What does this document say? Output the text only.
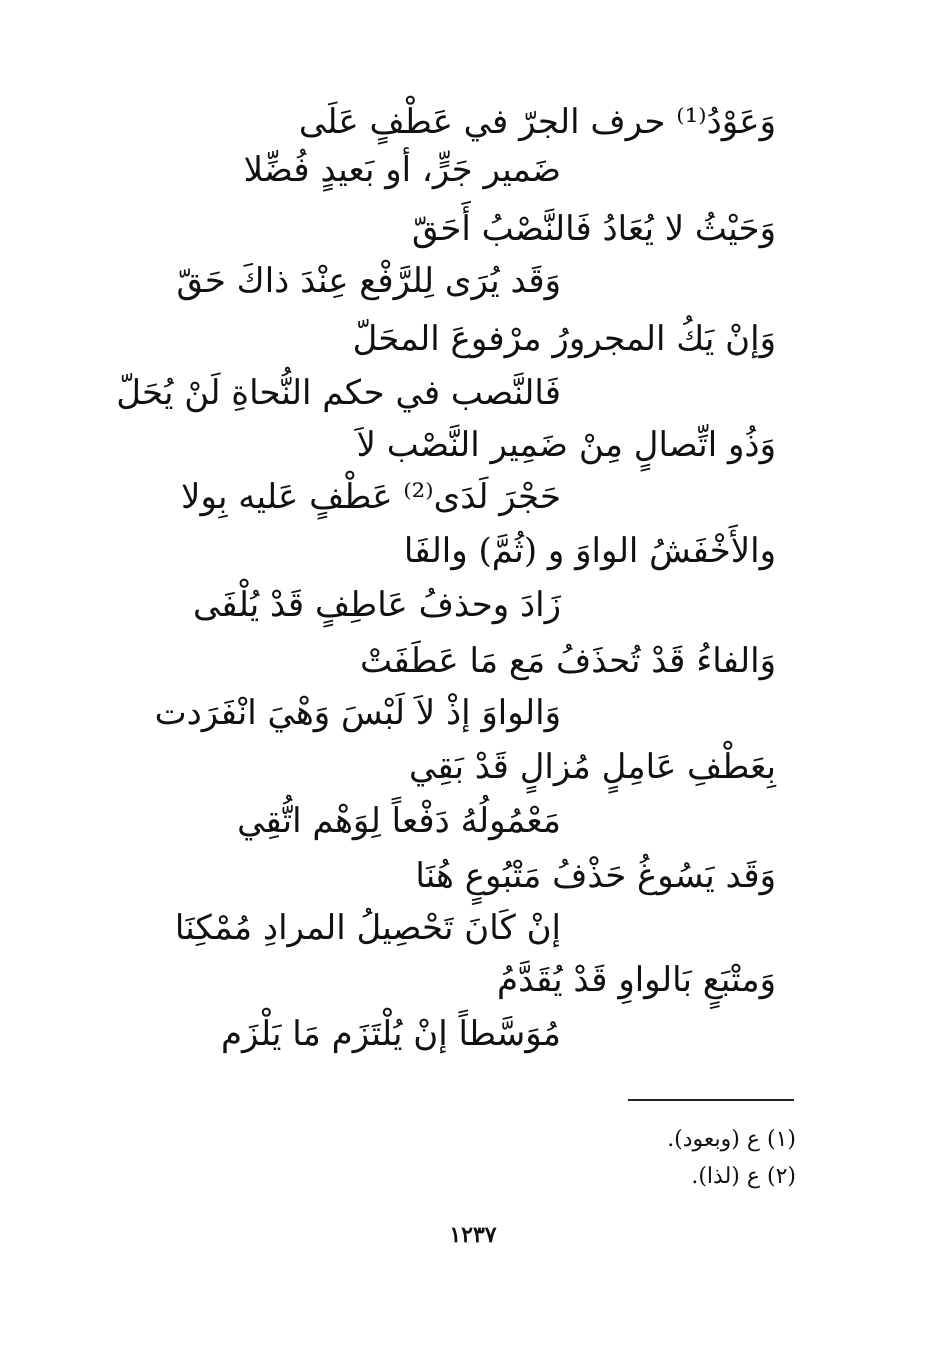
وَعَوْدُ⁽¹⁾ حرف الجرّ في عَطْفٍ عَلَى
ضَمير جَرٍّ، أو بَعيدٍ فُضِّلا
وَحَيْثُ لا يُعَادُ فَالنَّصْبُ أَحَقّ
وَقَد يُرَى لِلرَّفْع عِنْدَ ذاكَ حَقّ
وَإنْ يَكُ المجرورُ مرْفوعَ المحَلّ
فَالنَّصب في حكم النُّحاةِ لَنْ يُحَلّ
وَذُو اتِّصالٍ مِنْ ضَمِير النَّصْب لاَ
حَجْرَ لَدَى⁽²⁾ عَطْفٍ عَليه بِولا
والأَخْفَشُ الواوَ و (ثُمَّ) والفَا
زَادَ وحذفُ عَاطِفٍ قَدْ يُلْفَى
وَالفاءُ قَدْ تُحذَفُ مَع مَا عَطَفَتْ
وَالواوَ إذْ لاَ لَبْسَ وَهْيَ انْفَرَدت
بِعَطْفِ عَامِلٍ مُزالٍ قَدْ بَقِي
مَعْمُولُهُ دَفْعاً لِوَهْم اتُّقِي
وَقَد يَسُوغُ حَذْفُ مَتْبُوعٍ هُنَا
إنْ كَانَ تَحْصِيلُ المرادِ مُمْكِنَا
وَمتْبَعٍ بَالواوِ قَدْ يُقَدَّمُ
مُوَسَّطاً إنْ يُلْتَزَم مَا يَلْزَم
(١) ع (وبعود).
(٢) ع (لذا).
١٢٣٧
